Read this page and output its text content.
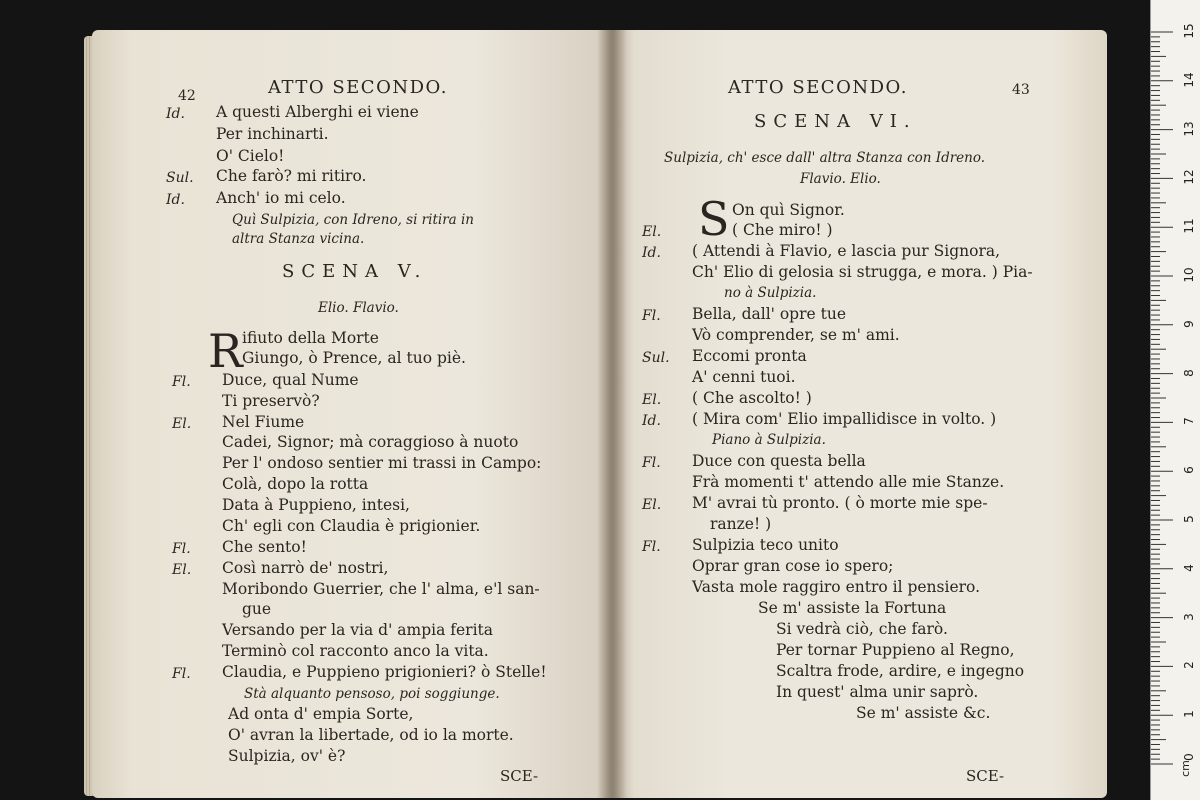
42	ATTO SECONDO.
Id. A questi Alberghi ei viene
Per inchinarti.
Sul.
O' Cielo!
Che farò? mi ritiro.
Id. Anch' io mi celo.
Quì Sulpizia, con Idreno, si ritira in
altra Stanza vicina.
SCENA V.
Elio. Flavio.
R ifiuto della Morte
Giungo, ò Prence, al tuo piè.
Fl. Duce, qual Nume
Ti preservò?
El. Nel Fiume
Cadei, Signor; mà coraggioso à nuoto
Per l' ondoso sentier mi trassi in Campo:
Colà, dopo la rotta
Data à Puppieno, intesi,
Ch' egli con Claudia è prigionier.
Fl. Che sento!
El. Così narrò de' nostri,
Moribondo Guerrier, che l' alma, e'l san-
gue
Versando per la via d' ampia ferita
Terminò col racconto anco la vita.
Fl. Claudia, e Puppieno prigionieri? ò Stelle!
Stà alquanto pensoso, poi soggiunge.
Ad onta d' empia Sorte,
O' avran la libertade, od io la morte.
Sulpizia, ov' è?
SCE-
ATTO SECONDO.	43
SCENA VI.
Sulpizia, ch' esce dall' altra Stanza con Idreno.
Flavio. Elio.
S On quì Signor.
El.	( Che miro! )
Id. ( Attendi à Flavio, e lascia pur Signora,
Ch' Elio di gelosia si strugga, e mora. ) Pia-
no à Sulpizia.
Fl. Bella, dall' opre tue
Vò comprender, se m' ami.
Sul. Eccomi pronta
A' cenni tuoi.
El. ( Che ascolto! )
Id. ( Mira com' Elio impallidisce in volto. )
Piano à Sulpizia.
Fl. Duce con questa bella
Frà momenti t' attendo alle mie Stanze.
El. M' avrai tù pronto. ( ò morte mie spe-
ranze! )
Fl. Sulpizia teco unito
Oprar gran cose io spero;
Vasta mole raggiro entro il pensiero.
Se m' assiste la Fortuna
Si vedrà ciò, che farò.
Per tornar Puppieno al Regno,
Scaltra frode, ardire, e ingegno
In quest' alma unir saprò.
Se m' assiste &c.
SCE-
1
2
3
4
5
6
7
8
9
10
11
12
13
14
15
0
cm
